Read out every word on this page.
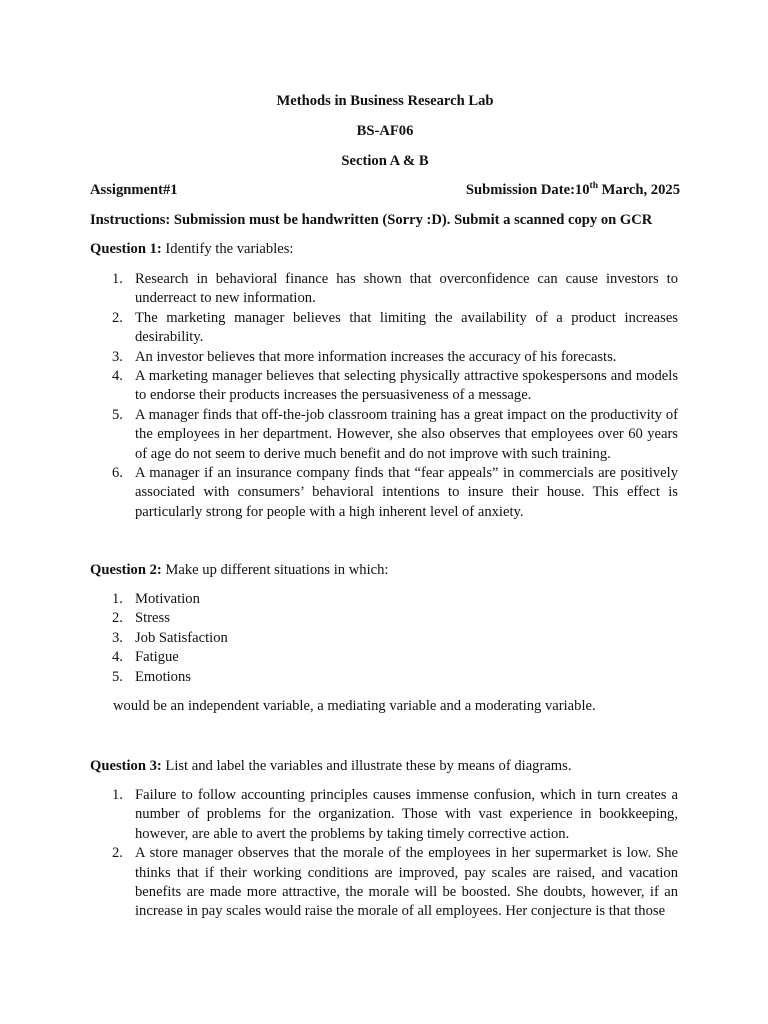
Methods in Business Research Lab
BS-AF06
Section A & B
Assignment#1	Submission Date:10th March, 2025
Instructions: Submission must be handwritten (Sorry :D). Submit a scanned copy on GCR
Question 1: Identify the variables:
1. Research in behavioral finance has shown that overconfidence can cause investors to underreact to new information.
2. The marketing manager believes that limiting the availability of a product increases desirability.
3. An investor believes that more information increases the accuracy of his forecasts.
4. A marketing manager believes that selecting physically attractive spokespersons and models to endorse their products increases the persuasiveness of a message.
5. A manager finds that off-the-job classroom training has a great impact on the productivity of the employees in her department. However, she also observes that employees over 60 years of age do not seem to derive much benefit and do not improve with such training.
6. A manager if an insurance company finds that “fear appeals” in commercials are positively associated with consumers’ behavioral intentions to insure their house. This effect is particularly strong for people with a high inherent level of anxiety.
Question 2: Make up different situations in which:
1. Motivation
2. Stress
3. Job Satisfaction
4. Fatigue
5. Emotions
would be an independent variable, a mediating variable and a moderating variable.
Question 3: List and label the variables and illustrate these by means of diagrams.
1. Failure to follow accounting principles causes immense confusion, which in turn creates a number of problems for the organization. Those with vast experience in bookkeeping, however, are able to avert the problems by taking timely corrective action.
2. A store manager observes that the morale of the employees in her supermarket is low. She thinks that if their working conditions are improved, pay scales are raised, and vacation benefits are made more attractive, the morale will be boosted. She doubts, however, if an increase in pay scales would raise the morale of all employees. Her conjecture is that those
